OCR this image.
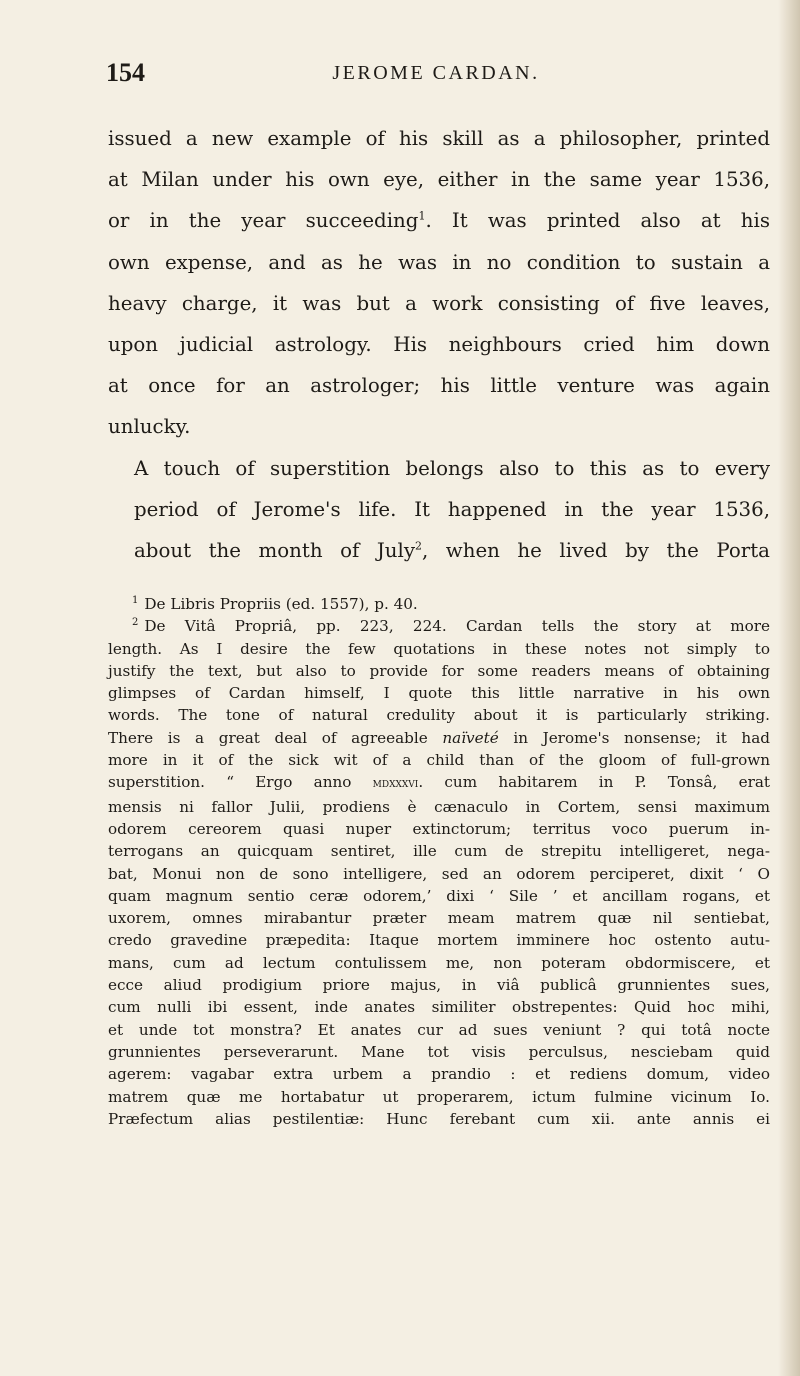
154	JEROME CARDAN.

issued a new example of his skill as a philosopher, printed
at Milan under his own eye, either in the same year 1536,
or in the year succeeding$^1$. It was printed also at his
own expense, and as he was in no condition to sustain a
heavy charge, it was but a work consisting of five leaves,
upon judicial astrology. His neighbours cried him down
at once for an astrologer; his little venture was again
unlucky.

A touch of superstition belongs also to this as to every
period of Jerome's life. It happened in the year 1536,
about the month of July$^2$, when he lived by the Porta

$^1$ De Libris Propriis (ed. 1557), p. 40.
$^2$ De Vitâ Propriâ, pp. 223, 224. Cardan tells the story at more
length. As I desire the few quotations in these notes not simply to
justify the text, but also to provide for some readers means of obtaining
glimpses of Cardan himself, I quote this little narrative in his own
words. The tone of natural credulity about it is particularly striking.
There is a great deal of agreeable naïveté in Jerome's nonsense; it had
more in it of the sick wit of a child than of the gloom of full-grown
superstition. “ Ergo anno mdxxxvi. cum habitarem in P. Tonsâ, erat
mensis ni fallor Julii, prodiens è cænaculo in Cortem, sensi maximum
odorem cereorem quasi nuper extinctorum; territus voco puerum in-
terrogans an quicquam sentiret, ille cum de strepitu intelligeret, nega-
bat, Monui non de sono intelligere, sed an odorem perciperet, dixit ‘ O
quam magnum sentio ceræ odorem,’ dixi ‘ Sile ’ et ancillam rogans, et
uxorem, omnes mirabantur præter meam matrem quæ nil sentiebat,
credo gravedine præpedita: Itaque mortem imminere hoc ostento autu-
mans, cum ad lectum contulissem me, non poteram obdormiscere, et
ecce aliud prodigium priore majus, in viâ publicâ grunnientes sues,
cum nulli ibi essent, inde anates similiter obstrepentes: Quid hoc mihi,
et unde tot monstra? Et anates cur ad sues veniunt ? qui totâ nocte
grunnientes perseverarunt. Mane tot visis perculsus, nesciebam quid
agerem: vagabar extra urbem a prandio : et rediens domum, video
matrem quæ me hortabatur ut properarem, ictum fulmine vicinum Io.
Præfectum alias pestilentiæ: Hunc ferebant cum xii. ante annis ei
